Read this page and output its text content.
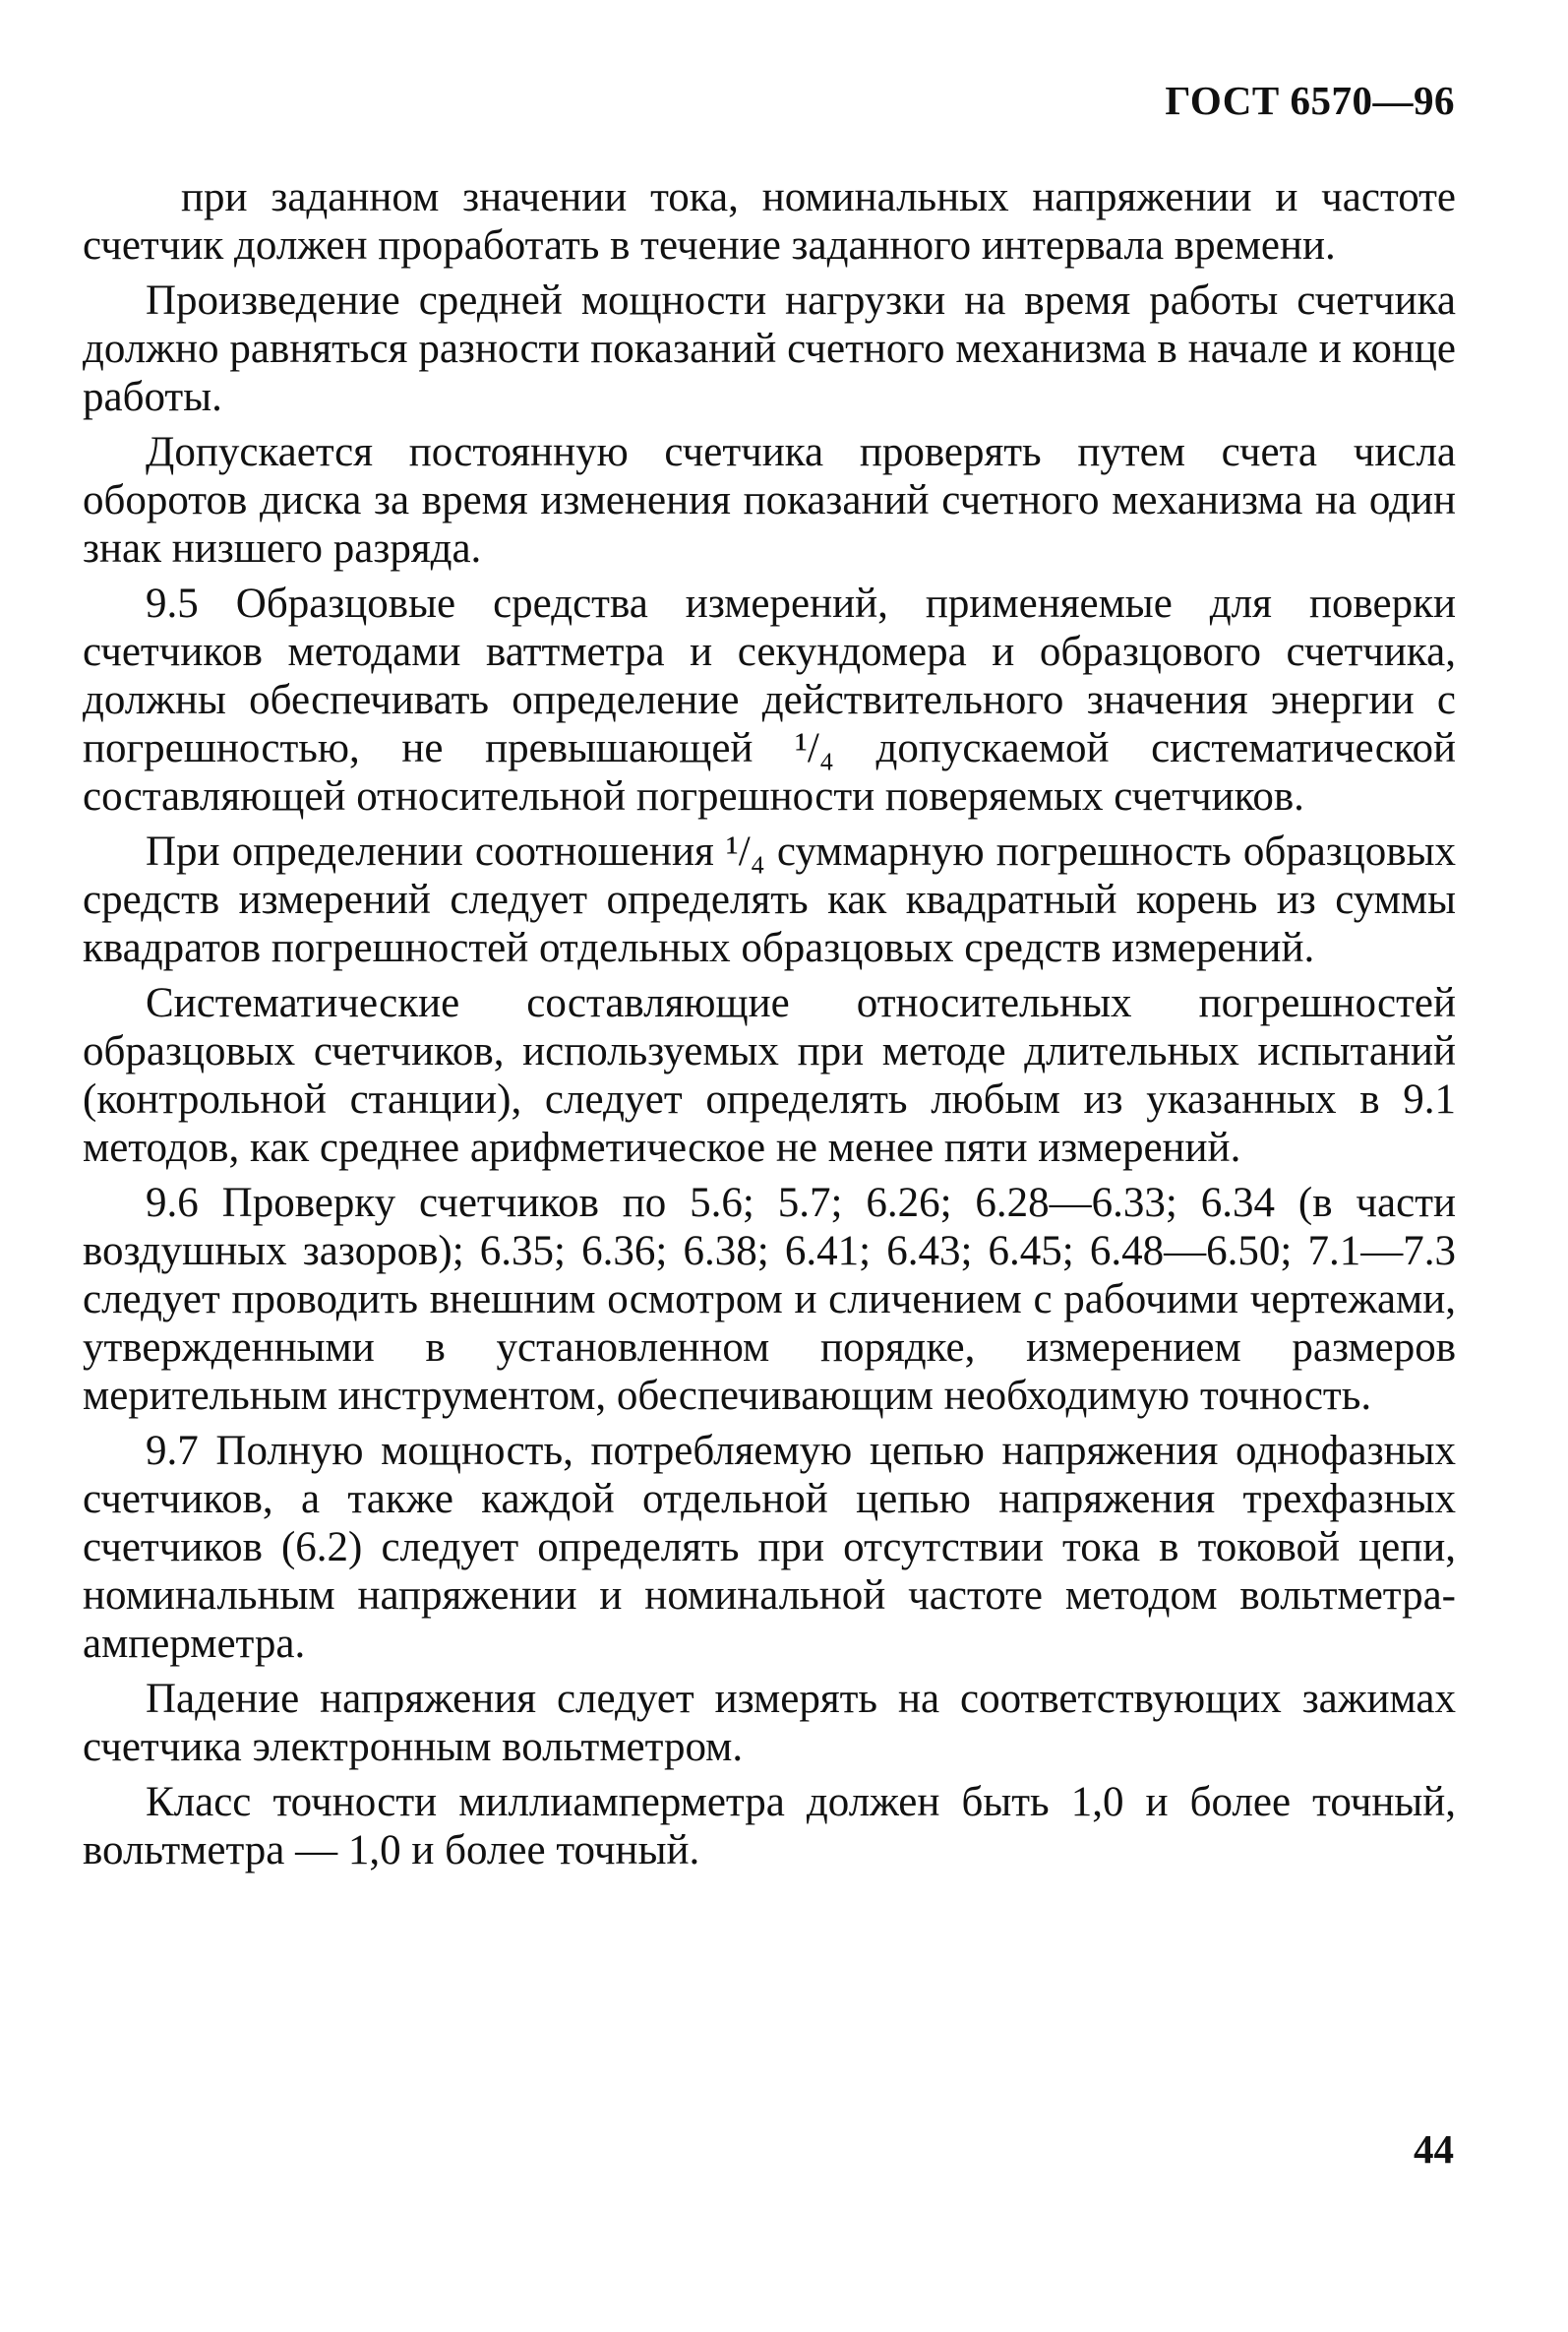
ГОСТ 6570—96

при заданном значении тока, номинальных напряжении и частоте счетчик должен проработать в течение заданного интервала времени.

Произведение средней мощности нагрузки на время работы счетчика должно равняться разности показаний счетного механизма в начале и конце работы.

Допускается постоянную счетчика проверять путем счета числа оборотов диска за время изменения показаний счетного механизма на один знак низшего разряда.

9.5 Образцовые средства измерений, применяемые для поверки счетчиков методами ваттметра и секундомера и образцового счетчика, должны обеспечивать определение действительного значения энергии с погрешностью, не превышающей ¹/₄ допускаемой систематической составляющей относительной погрешности поверяемых счетчиков.

При определении соотношения ¹/₄ суммарную погрешность образцовых средств измерений следует определять как квадратный корень из суммы квадратов погрешностей отдельных образцовых средств измерений.

Систематические составляющие относительных погрешностей образцовых счетчиков, используемых при методе длительных испытаний (контрольной станции), следует определять любым из указанных в 9.1 методов, как среднее арифметическое не менее пяти измерений.

9.6 Проверку счетчиков по 5.6; 5.7; 6.26; 6.28—6.33; 6.34 (в части воздушных зазоров); 6.35; 6.36; 6.38; 6.41; 6.43; 6.45; 6.48—6.50; 7.1—7.3 следует проводить внешним осмотром и сличением с рабочими чертежами, утвержденными в установленном порядке, измерением размеров мерительным инструментом, обеспечивающим необходимую точность.

9.7 Полную мощность, потребляемую цепью напряжения однофазных счетчиков, а также каждой отдельной цепью напряжения трехфазных счетчиков (6.2) следует определять при отсутствии тока в токовой цепи, номинальным напряжении и номинальной частоте методом вольтметра-амперметра.

Падение напряжения следует измерять на соответствующих зажимах счетчика электронным вольтметром.

Класс точности миллиамперметра должен быть 1,0 и более точный, вольтметра — 1,0 и более точный.

44
